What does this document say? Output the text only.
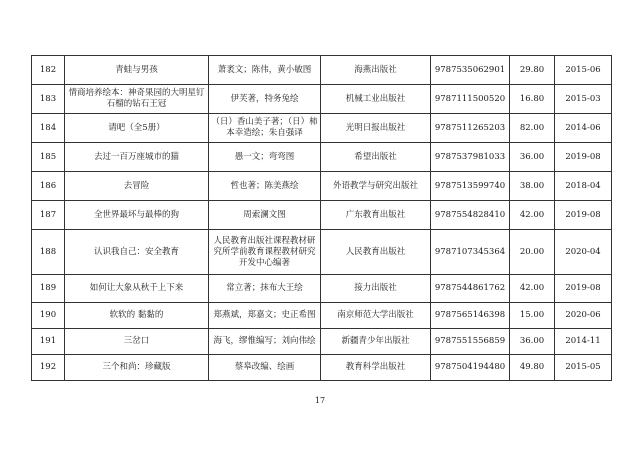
182	青蛙与男孩	萧袤文；陈伟，黄小敏图	海燕出版社	9787535062901	29.80	2015-06
183	情商培养绘本：神奇果园的大明星钉石榴的钻石王冠	伊芙著，特务兔绘	机械工业出版社	9787111500520	16.80	2015-03
184	请吧（全5册）	（日）香山美子著；（日）柿本幸造绘；朱自强译	光明日报出版社	9787511265203	82.00	2014-06
185	去过一百万座城市的猫	愚一文；弯弯图	希望出版社	9787537981033	36.00	2019-08
186	去冒险	哲也著；陈美燕绘	外语教学与研究出版社	9787513599740	38.00	2018-04
187	全世界最坏与最棒的狗	周索澜文图	广东教育出版社	9787554828410	42.00	2019-08
188	认识我自己：安全教育	人民教育出版社课程教材研究所学前教育课程教材研究开发中心编著	人民教育出版社	9787107345364	20.00	2020-04
189	如何让大象从秋千上下来	常立著；抹布大王绘	接力出版社	9787544861762	42.00	2019-08
190	软软的 黏黏的	郑燕斌，郑嘉文；史正希图	南京师范大学出版社	9787565146398	15.00	2020-06
191	三岔口	海飞，缪惟编写；刘向伟绘	新疆青少年出版社	9787551556859	36.00	2014-11
192	三个和尚：珍藏版	蔡皋改编、绘画	教育科学出版社	9787504194480	49.80	2015-05
17
